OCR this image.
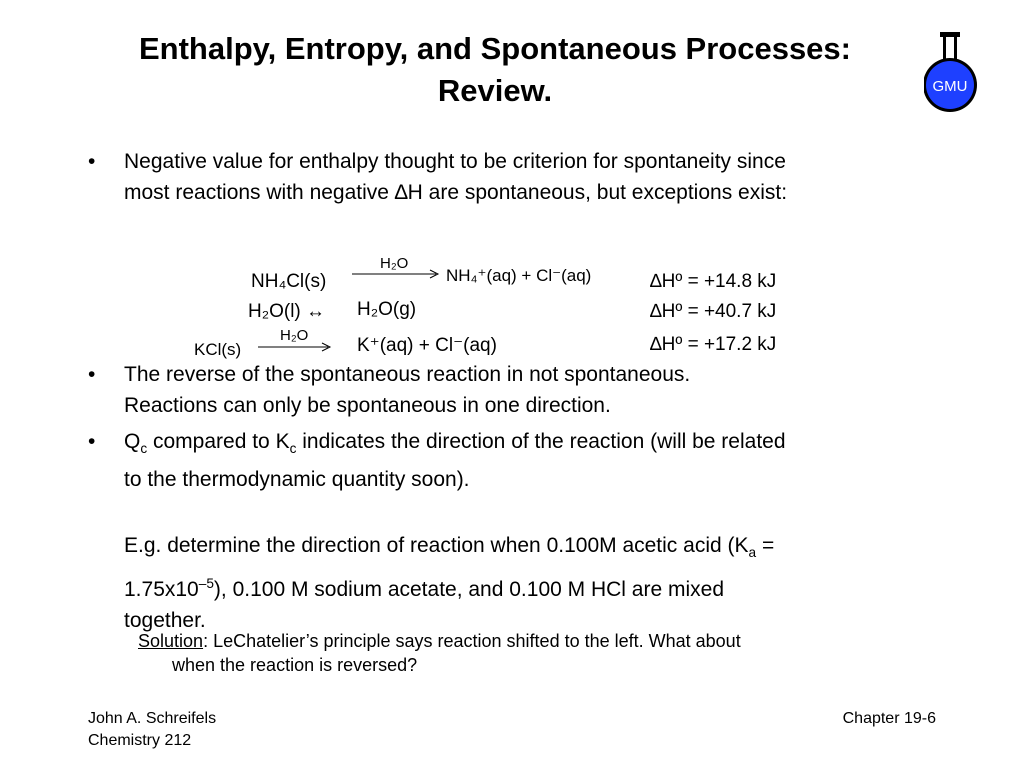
Enthalpy, Entropy, and Spontaneous Processes:
Review.	GMU
• Negative value for enthalpy thought to be criterion for spontaneity since
most reactions with negative ∆H are spontaneous, but exceptions exist:
H₂O
NH₄Cl(s)	NH₄⁺(aq) + Cl⁻(aq)	∆Hº = +14.8 kJ
H₂O(l) ↔ H₂O(g)	∆Hº = +40.7 kJ
H₂O
KCl(s)	K⁺(aq) + Cl⁻(aq)	∆Hº = +17.2 kJ
• The reverse of the spontaneous reaction in not spontaneous.
Reactions can only be spontaneous in one direction.
• $Q_c$ compared to $K_c$ indicates the direction of the reaction (will be related
to the thermodynamic quantity soon).
E.g. determine the direction of reaction when 0.100M acetic acid ($K_a$ =
$1.75x10^{-5}$), 0.100 M sodium acetate, and 0.100 M HCl are mixed
together.
Solution: LeChatelier’s principle says reaction shifted to the left. What about
when the reaction is reversed?
John A. Schreifels
Chemistry 212
Chapter 19-6
